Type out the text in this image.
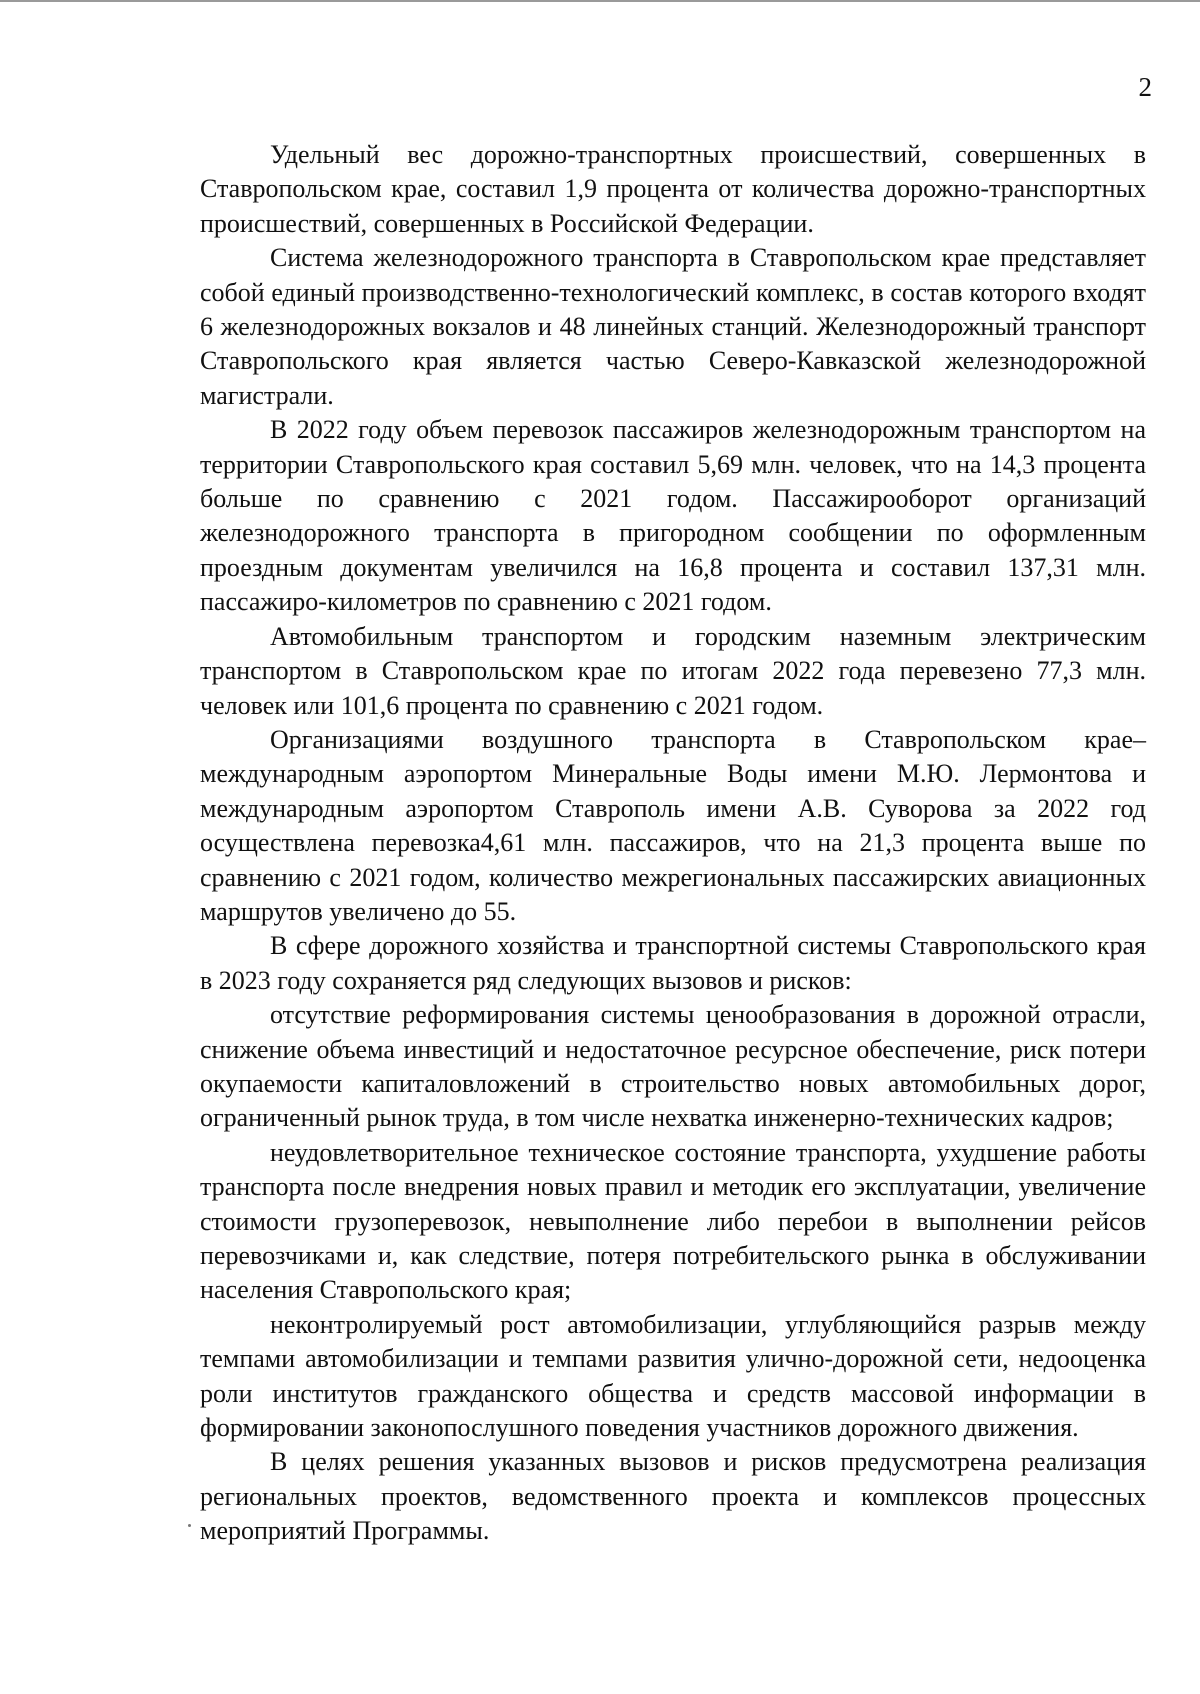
2

Удельный вес дорожно-транспортных происшествий, совершенных в Ставропольском крае, составил 1,9 процента от количества дорожно-транспортных происшествий, совершенных в Российской Федерации.

Система железнодорожного транспорта в Ставропольском крае представляет собой единый производственно-технологический комплекс, в состав которого входят 6 железнодорожных вокзалов и 48 линейных станций. Железнодорожный транспорт Ставропольского края является частью Северо-Кавказской железнодорожной магистрали.

В 2022 году объем перевозок пассажиров железнодорожным транспортом на территории Ставропольского края составил 5,69 млн. человек, что на 14,3 процента больше по сравнению с 2021 годом. Пассажирооборот организаций железнодорожного транспорта в пригородном сообщении по оформленным проездным документам увеличился на 16,8 процента и составил 137,31 млн. пассажиро-километров по сравнению с 2021 годом.

Автомобильным транспортом и городским наземным электрическим транспортом в Ставропольском крае по итогам 2022 года перевезено 77,3 млн. человек или 101,6 процента по сравнению с 2021 годом.

Организациями воздушного транспорта в Ставропольском крае– международным аэропортом Минеральные Воды имени М.Ю. Лермонтова и международным аэропортом Ставрополь имени А.В. Суворова за 2022 год осуществлена перевозка4,61 млн. пассажиров, что на 21,3 процента выше по сравнению с 2021 годом, количество межрегиональных пассажирских авиационных маршрутов увеличено до 55.

В сфере дорожного хозяйства и транспортной системы Ставропольского края в 2023 году сохраняется ряд следующих вызовов и рисков:

отсутствие реформирования системы ценообразования в дорожной отрасли, снижение объема инвестиций и недостаточное ресурсное обеспечение, риск потери окупаемости капиталовложений в строительство новых автомобильных дорог, ограниченный рынок труда, в том числе нехватка инженерно-технических кадров;

неудовлетворительное техническое состояние транспорта, ухудшение работы транспорта после внедрения новых правил и методик его эксплуатации, увеличение стоимости грузоперевозок, невыполнение либо перебои в выполнении рейсов перевозчиками и, как следствие, потеря потребительского рынка в обслуживании населения Ставропольского края;

неконтролируемый рост автомобилизации, углубляющийся разрыв между темпами автомобилизации и темпами развития улично-дорожной сети, недооценка роли институтов гражданского общества и средств массовой информации в формировании законопослушного поведения участников дорожного движения.

В целях решения указанных вызовов и рисков предусмотрена реализация региональных проектов, ведомственного проекта и комплексов процессных мероприятий Программы.
